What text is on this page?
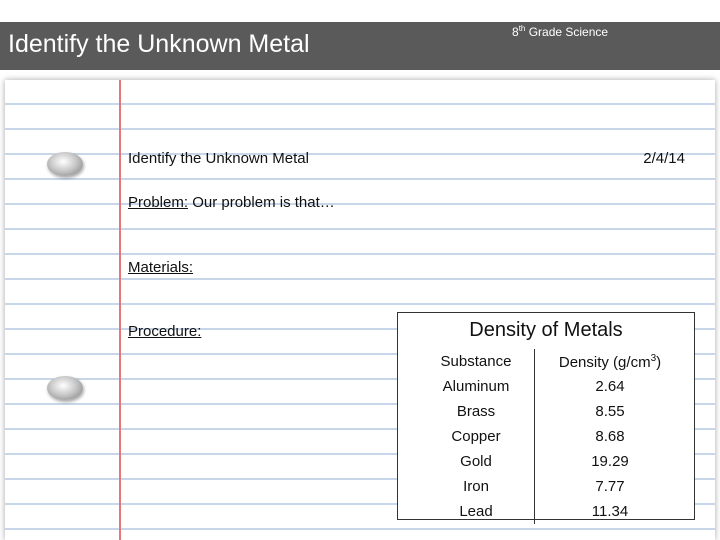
Identify the Unknown Metal	8th Grade Science
Identify the Unknown Metal	2/4/14
Problem: Our problem is that…
Materials:
Procedure:	Density of Metals
Substance	Density $(g/cm^3)$
Aluminum	2.64
Brass	8.55
Copper	8.68
Gold	19.29
Iron	7.77
Lead	11.34
